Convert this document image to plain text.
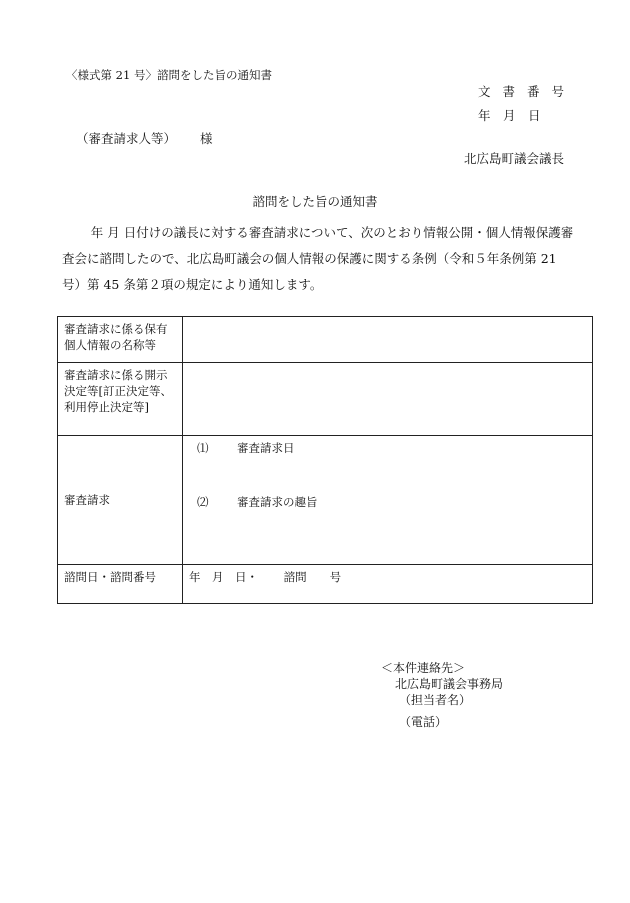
〈様式第 21 号〉諮問をした旨の通知書
文書番号
年　月　日
（審査請求人等） 様
北広島町議会議長
諮問をした旨の通知書
年 月 日付けの議長に対する審査請求について、次のとおり情報公開・個人情報保護審査会に諮問したので、北広島町議会の個人情報の保護に関する条例（令和５年条例第 21 号）第 45 条第２項の規定により通知します。
審査請求に係る保有個人情報の名称等	
審査請求に係る開示決定等[訂正決定等、利用停止決定等]	
審査請求	⑴ 審査請求日
⑵ 審査請求の趣旨

諮問日・諮問番号	年　月　日・ 諮問　　号
＜本件連絡先＞
北広島町議会事務局
（担当者名）
（電話）
